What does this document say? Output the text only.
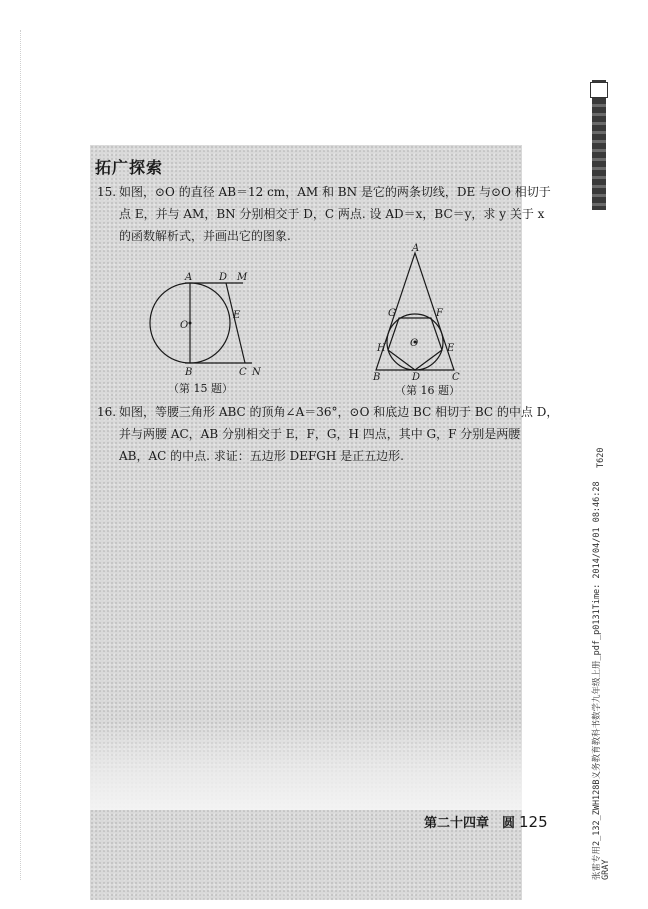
拓广探索
15. 如图，⊙O 的直径 AB＝12 cm，AM 和 BN 是它的两条切线，DE 与⊙O 相切于
点 E，并与 AM，BN 分别相交于 D，C 两点. 设 AD＝x，BC＝y，求 y 关于 x
的函数解析式，并画出它的图象.
A	D M
E
O
B	C N
（第 15 题）
A
G	F
H O	E
B	D	C
（第 16 题）
16. 如图，等腰三角形 ABC 的顶角∠A＝36°，⊙O 和底边 BC 相切于 BC 的中点 D，
并与两腰 AC，AB 分别相交于 E，F，G，H 四点，其中 G，F 分别是两腰
AB，AC 的中点. 求证：五边形 DEFGH 是正五边形.
第二十四章　圆 125
T620
张雷专用2_132_ZWH128B义务教育教科书数学九年级上册_pdf_p0131Time: 2014/04/01 08:46:28 GRAY
